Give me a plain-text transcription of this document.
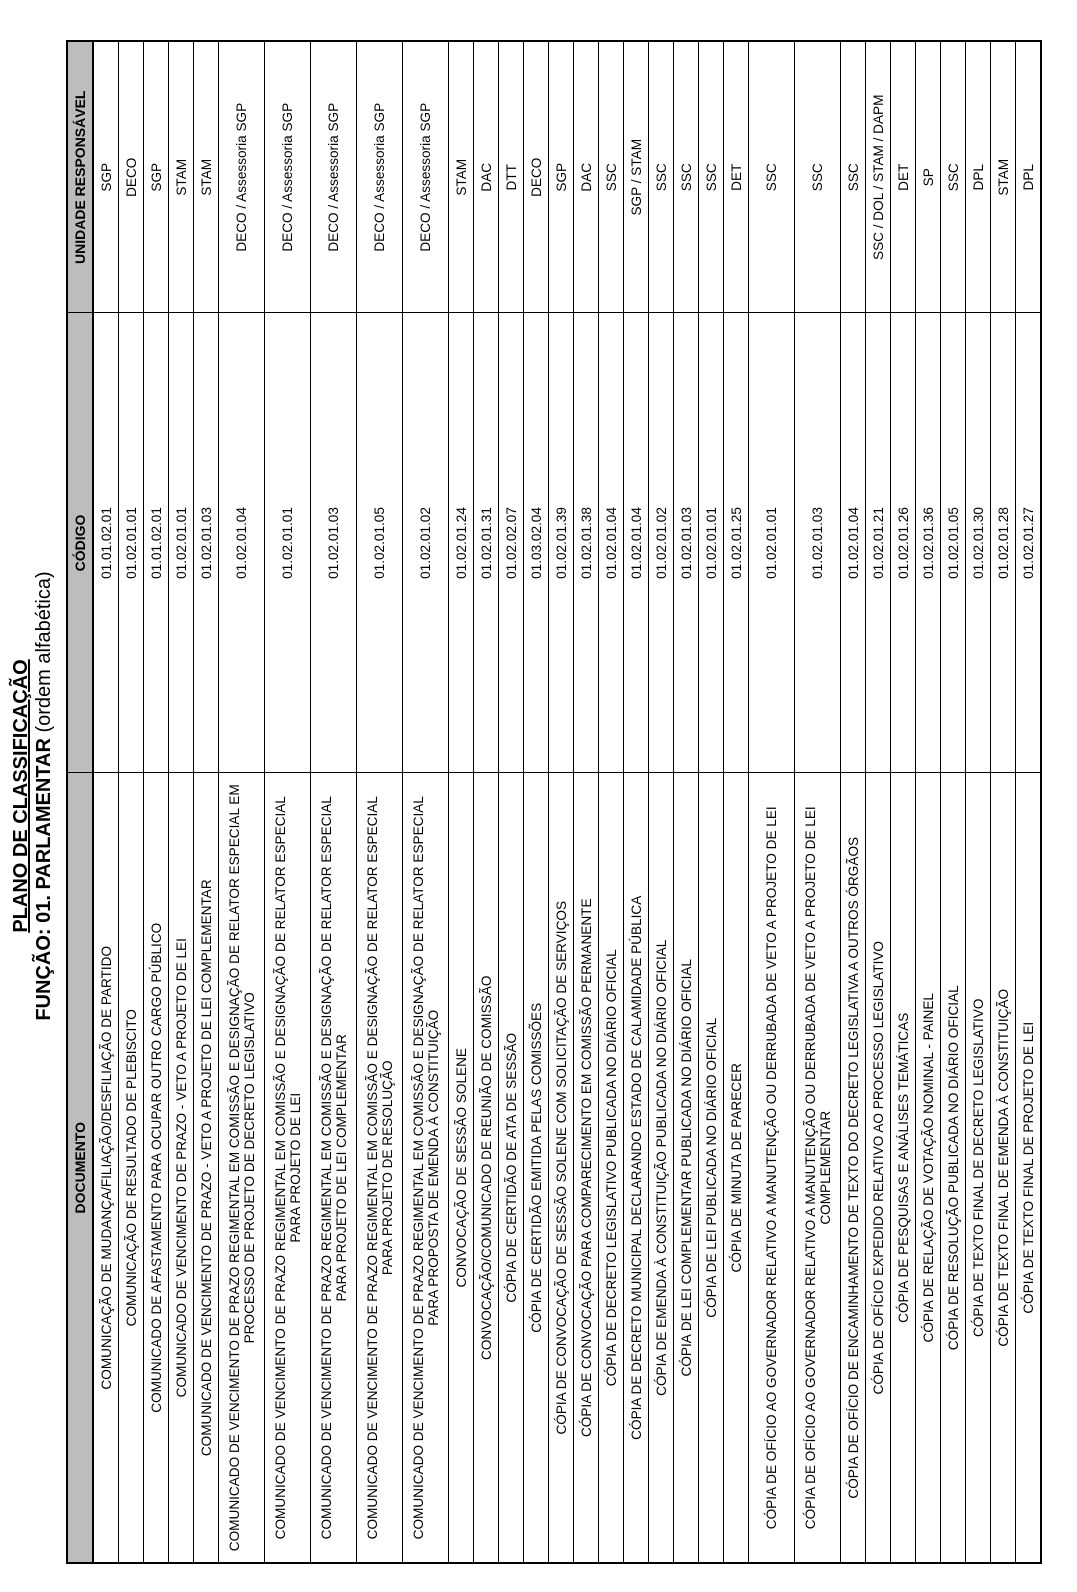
PLANO DE CLASSIFICAÇÃO FUNÇÃO: 01. PARLAMENTAR (ordem alfabética)
DOCUMENTO	CÓDIGO	UNIDADE RESPONSÁVEL
COMUNICAÇÃO DE MUDANÇA/FILIAÇÃO/DESFILIAÇÃO DE PARTIDO	01.01.02.01	SGP
COMUNICAÇÃO DE RESULTADO DE PLEBISCITO	01.02.01.01	DECO
COMUNICADO DE AFASTAMENTO PARA OCUPAR OUTRO CARGO PÚBLICO	01.01.02.01	SGP
COMUNICADO DE VENCIMENTO DE PRAZO - VETO A PROJETO DE LEI	01.02.01.01	STAM
COMUNICADO DE VENCIMENTO DE PRAZO - VETO A PROJETO DE LEI COMPLEMENTAR	01.02.01.03	STAM
COMUNICADO DE VENCIMENTO DE PRAZO REGIMENTAL EM COMISSÃO E DESIGNAÇÃO DE RELATOR ESPECIAL EM PROCESSO DE PROJETO DE DECRETO LEGISLATIVO	01.02.01.04	DECO / Assessoria SGP
COMUNICADO DE VENCIMENTO DE PRAZO REGIMENTAL EM COMISSÃO E DESIGNAÇÃO DE RELATOR ESPECIAL PARA PROJETO DE LEI	01.02.01.01	DECO / Assessoria SGP
COMUNICADO DE VENCIMENTO DE PRAZO REGIMENTAL EM COMISSÃO E DESIGNAÇÃO DE RELATOR ESPECIAL PARA PROJETO DE LEI COMPLEMENTAR	01.02.01.03	DECO / Assessoria SGP
COMUNICADO DE VENCIMENTO DE PRAZO REGIMENTAL EM COMISSÃO E DESIGNAÇÃO DE RELATOR ESPECIAL PARA PROJETO DE RESOLUÇÃO	01.02.01.05	DECO / Assessoria SGP
COMUNICADO DE VENCIMENTO DE PRAZO REGIMENTAL EM COMISSÃO E DESIGNAÇÃO DE RELATOR ESPECIAL PARA PROPOSTA DE EMENDA À CONSTITUIÇÃO	01.02.01.02	DECO / Assessoria SGP
CONVOCAÇÃO DE SESSÃO SOLENE	01.02.01.24	STAM
CONVOCAÇÃO/COMUNICADO DE REUNIÃO DE COMISSÃO	01.02.01.31	DAC
CÓPIA DE CERTIDÃO DE ATA DE SESSÃO	01.02.02.07	DTT
CÓPIA DE CERTIDÃO EMITIDA PELAS COMISSÕES	01.03.02.04	DECO
CÓPIA DE CONVOCAÇÃO DE SESSÃO SOLENE COM SOLICITAÇÃO DE SERVIÇOS	01.02.01.39	SGP
CÓPIA DE CONVOCAÇÃO PARA COMPARECIMENTO EM COMISSÃO PERMANENTE	01.02.01.38	DAC
CÓPIA DE DECRETO LEGISLATIVO PUBLICADA NO DIÁRIO OFICIAL	01.02.01.04	SSC
CÓPIA DE DECRETO MUNICIPAL DECLARANDO ESTADO DE CALAMIDADE PÚBLICA	01.02.01.04	SGP / STAM
CÓPIA DE EMENDA À CONSTITUIÇÃO PUBLICADA NO DIÁRIO OFICIAL	01.02.01.02	SSC
CÓPIA DE LEI COMPLEMENTAR PUBLICADA NO DIÁRIO OFICIAL	01.02.01.03	SSC
CÓPIA DE LEI PUBLICADA NO DIÁRIO OFICIAL	01.02.01.01	SSC
CÓPIA DE MINUTA DE PARECER	01.02.01.25	DET
CÓPIA DE OFÍCIO AO GOVERNADOR RELATIVO A MANUTENÇÃO OU DERRUBADA DE VETO A PROJETO DE LEI	01.02.01.01	SSC
CÓPIA DE OFÍCIO AO GOVERNADOR RELATIVO A MANUTENÇÃO OU DERRUBADA DE VETO A PROJETO DE LEI COMPLEMENTAR	01.02.01.03	SSC
CÓPIA DE OFÍCIO DE ENCAMINHAMENTO DE TEXTO DO DECRETO LEGISLATIVA A OUTROS ÓRGÃOS	01.02.01.04	SSC
CÓPIA DE OFÍCIO EXPEDIDO RELATIVO AO PROCESSO LEGISLATIVO	01.02.01.21	SSC / DOL / STAM / DAPM
CÓPIA DE PESQUISAS E ANÁLISES TEMÁTICAS	01.02.01.26	DET
CÓPIA DE RELAÇÃO DE VOTAÇÃO NOMINAL - PAINEL	01.02.01.36	SP
CÓPIA DE RESOLUÇÃO PUBLICADA NO DIÁRIO OFICIAL	01.02.01.05	SSC
CÓPIA DE TEXTO FINAL DE DECRETO LEGISLATIVO	01.02.01.30	DPL
CÓPIA DE TEXTO FINAL DE EMENDA À CONSTITUIÇÃO	01.02.01.28	STAM
CÓPIA DE TEXTO FINAL DE PROJETO DE LEI	01.02.01.27	DPL
